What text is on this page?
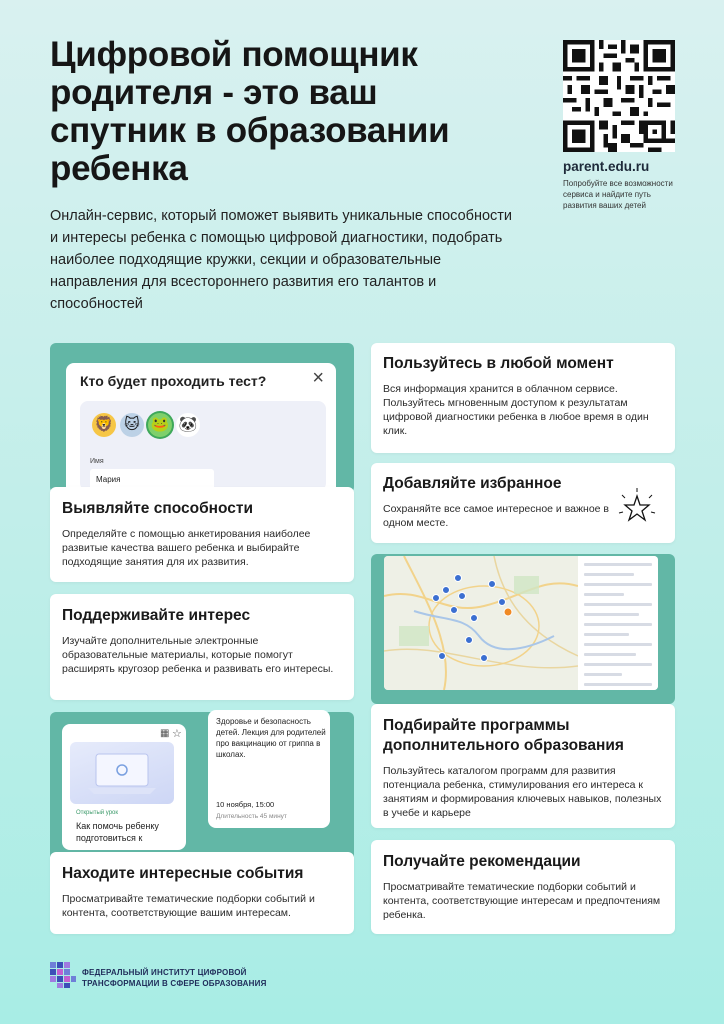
Цифровой помощник родителя - это ваш спутник в образовании ребенка

Онлайн-сервис, который поможет выявить уникальные способности и интересы ребенка с помощью цифровой диагностики, подобрать наиболее подходящие кружки, секции и образовательные направления для всестороннего развития его талантов и способностей

parent.edu.ru
Попробуйте все возможности сервиса и найдите путь развития ваших детей
Кто будет проходить тест? ×
🦁 🐱 🐸 🐼
Имя
Мария
Выявляйте способности

Определяйте с помощью анкетирования наиболее развитые качества вашего ребенка и выбирайте подходящие занятия для их развития.

Поддерживайте интерес

Изучайте дополнительные электронные образовательные материалы, которые помогут расширять кругозор ребенка и развивать его интересы.

▦ ☆
Открытый урок
Как помочь ребенку подготовиться к
Здоровье и безопасность детей. Лекция для родителей про вакцинацию от гриппа в школах.
10 ноября, 15:00
Длительность 45 минут
Находите интересные события

Просматривайте тематические подборки событий и контента, соответствующие вашим интересам.

Пользуйтесь в любой момент

Вся информация хранится в облачном сервисе. Пользуйтесь мгновенным доступом к результатам цифровой диагностики ребенка в любое время в один клик.

Добавляйте избранное

Сохраняйте все самое интересное и важное в одном месте.

Подбирайте программы дополнительного образования

Пользуйтесь каталогом программ для развития потенциала ребенка, стимулирования его интереса к занятиям и формирования ключевых навыков, полезных в учебе и карьере

Получайте рекомендации

Просматривайте тематические подборки событий и контента, соответствующие интересам и предпочтениям ребенка.

ФЕДЕРАЛЬНЫЙ ИНСТИТУТ ЦИФРОВОЙ ТРАНСФОРМАЦИИ В СФЕРЕ ОБРАЗОВАНИЯ
